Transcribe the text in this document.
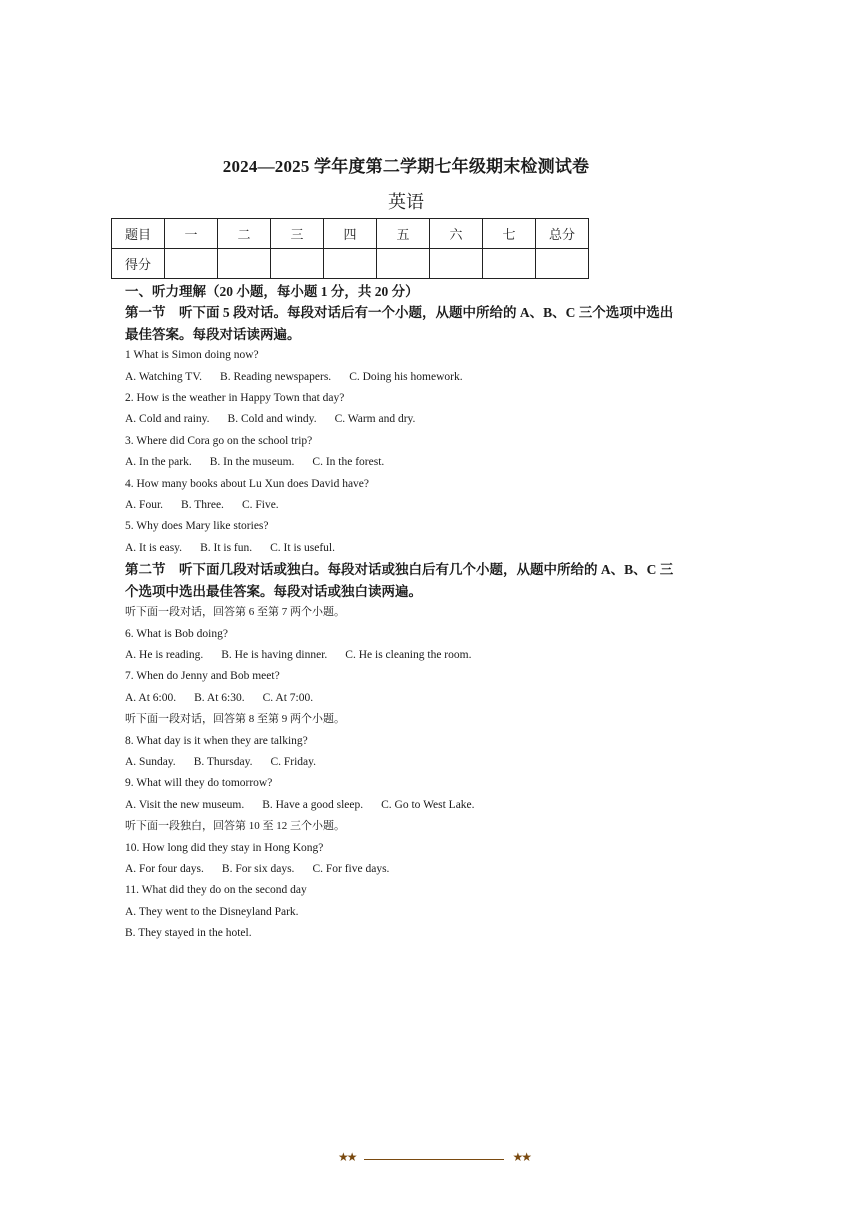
2024—2025 学年度第二学期七年级期末检测试卷
英语
题目	一	二	三	四	五	六	七	总分
得分								
一、听力理解（20 小题，每小题 1 分，共 20 分）
第一节　听下面 5 段对话。每段对话后有一个小题，从题中所给的 A、B、C 三个选项中选出
最佳答案。每段对话读两遍。
1 What is Simon doing now?
A. Watching TV. B. Reading newspapers. C. Doing his homework.
2. How is the weather in Happy Town that day?
A. Cold and rainy. B. Cold and windy. C. Warm and dry.
3. Where did Cora go on the school trip?
A. In the park. B. In the museum. C. In the forest.
4. How many books about Lu Xun does David have?
A. Four. B. Three. C. Five.
5. Why does Mary like stories?
A. It is easy. B. It is fun. C. It is useful.
第二节　听下面几段对话或独白。每段对话或独白后有几个小题，从题中所给的 A、B、C 三
个选项中选出最佳答案。每段对话或独白读两遍。
听下面一段对话，回答第 6 至第 7 两个小题。
6. What is Bob doing?
A. He is reading. B. He is having dinner. C. He is cleaning the room.
7. When do Jenny and Bob meet?
A. At 6:00. B. At 6:30. C. At 7:00.
听下面一段对话，回答第 8 至第 9 两个小题。
8. What day is it when they are talking?
A. Sunday. B. Thursday. C. Friday.
9. What will they do tomorrow?
A. Visit the new museum. B. Have a good sleep. C. Go to West Lake.
听下面一段独白，回答第 10 至 12 三个小题。
10. How long did they stay in Hong Kong?
A. For four days. B. For six days. C. For five days.
11. What did they do on the second day
A. They went to the Disneyland Park.
B. They stayed in the hotel.
★★	★★
